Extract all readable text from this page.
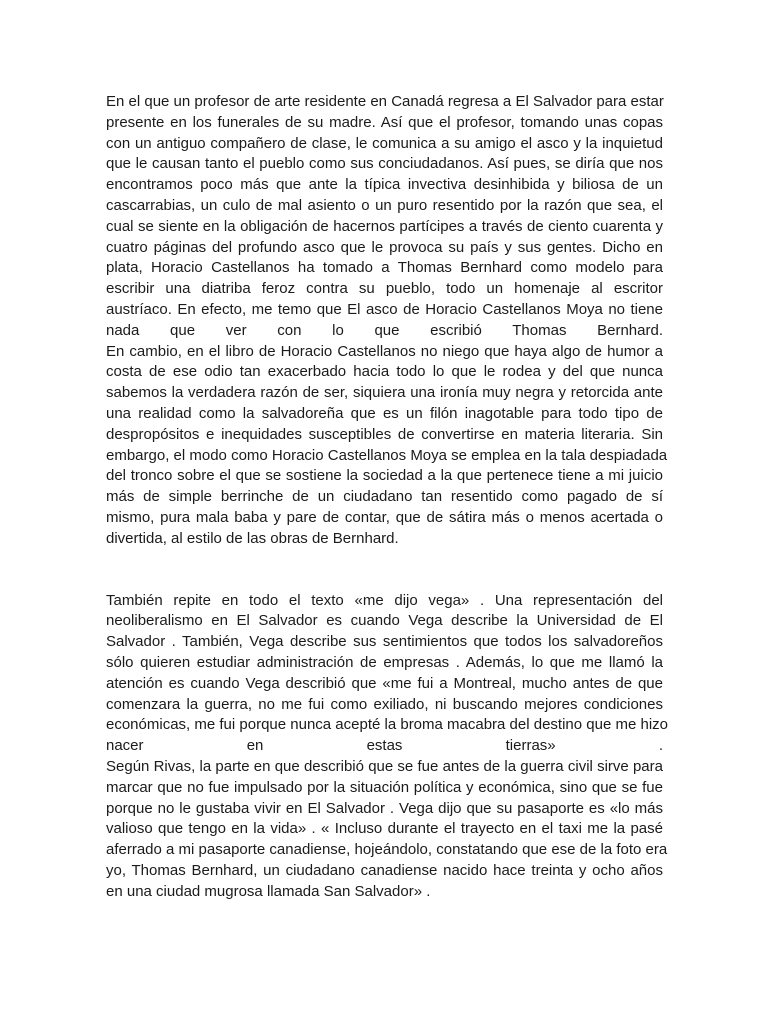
En el que un profesor de arte residente en Canadá regresa a El Salvador para estar
presente en los funerales de su madre. Así que el profesor, tomando unas copas
con un antiguo compañero de clase, le comunica a su amigo el asco y la inquietud
que le causan tanto el pueblo como sus conciudadanos. Así pues, se diría que nos
encontramos poco más que ante la típica invectiva desinhibida y biliosa de un
cascarrabias, un culo de mal asiento o un puro resentido por la razón que sea, el
cual se siente en la obligación de hacernos partícipes a través de ciento cuarenta y
cuatro páginas del profundo asco que le provoca su país y sus gentes. Dicho en
plata, Horacio Castellanos ha tomado a Thomas Bernhard como modelo para
escribir una diatriba feroz contra su pueblo, todo un homenaje al escritor
austríaco. En efecto, me temo que El asco de Horacio Castellanos Moya no tiene
nada que ver con lo que escribió Thomas Bernhard.
En cambio, en el libro de Horacio Castellanos no niego que haya algo de humor a
costa de ese odio tan exacerbado hacia todo lo que le rodea y del que nunca
sabemos la verdadera razón de ser, siquiera una ironía muy negra y retorcida ante
una realidad como la salvadoreña que es un filón inagotable para todo tipo de
despropósitos e inequidades susceptibles de convertirse en materia literaria. Sin
embargo, el modo como Horacio Castellanos Moya se emplea en la tala despiadada
del tronco sobre el que se sostiene la sociedad a la que pertenece tiene a mi juicio
más de simple berrinche de un ciudadano tan resentido como pagado de sí
mismo, pura mala baba y pare de contar, que de sátira más o menos acertada o
divertida, al estilo de las obras de Bernhard.
También repite en todo el texto «me dijo vega» . Una representación del
neoliberalismo en El Salvador es cuando Vega describe la Universidad de El
Salvador . También, Vega describe sus sentimientos que todos los salvadoreños
sólo quieren estudiar administración de empresas . Además, lo que me llamó la
atención es cuando Vega describió que «me fui a Montreal, mucho antes de que
comenzara la guerra, no me fui como exiliado, ni buscando mejores condiciones
económicas, me fui porque nunca acepté la broma macabra del destino que me hizo
nacer en estas tierras» .
Según Rivas, la parte en que describió que se fue antes de la guerra civil sirve para
marcar que no fue impulsado por la situación política y económica, sino que se fue
porque no le gustaba vivir en El Salvador . Vega dijo que su pasaporte es «lo más
valioso que tengo en la vida» . « Incluso durante el trayecto en el taxi me la pasé
aferrado a mi pasaporte canadiense, hojeándolo, constatando que ese de la foto era
yo, Thomas Bernhard, un ciudadano canadiense nacido hace treinta y ocho años
en una ciudad mugrosa llamada San Salvador» .
